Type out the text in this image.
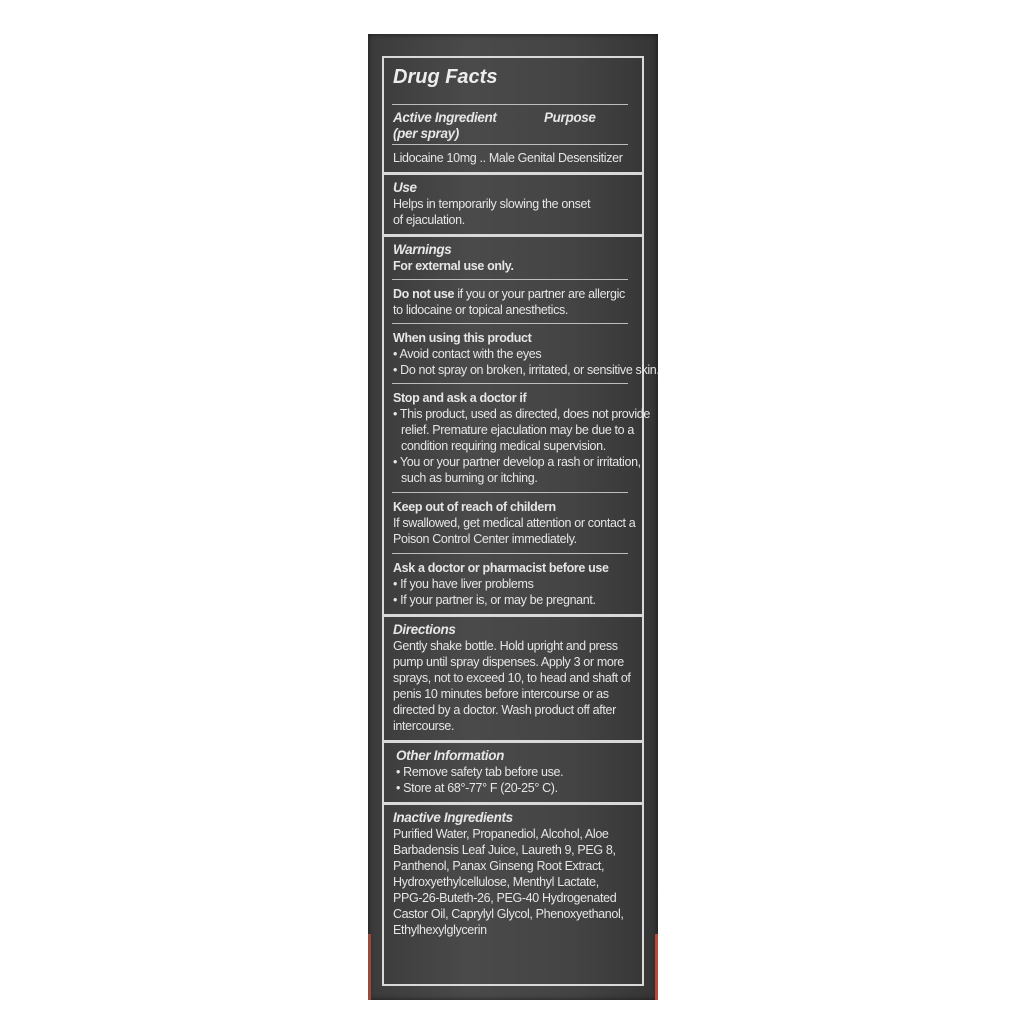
Drug Facts
Active Ingredient	Purpose
(per spray)
Lidocaine 10mg .. Male Genital Desensitizer
Use
Helps in temporarily slowing the onset
of ejaculation.
Warnings
For external use only.
Do not use if you or your partner are allergic
to lidocaine or topical anesthetics.
When using this product
• Avoid contact with the eyes
• Do not spray on broken, irritated, or sensitive skin.
Stop and ask a doctor if
• This product, used as directed, does not provide
relief. Premature ejaculation may be due to a
condition requiring medical supervision.
• You or your partner develop a rash or irritation,
such as burning or itching.
Keep out of reach of childern
If swallowed, get medical attention or contact a
Poison Control Center immediately.
Ask a doctor or pharmacist before use
• If you have liver problems
• If your partner is, or may be pregnant.
Directions
Gently shake bottle. Hold upright and press
pump until spray dispenses. Apply 3 or more
sprays, not to exceed 10, to head and shaft of
penis 10 minutes before intercourse or as
directed by a doctor. Wash product off after
intercourse.
Other Information
• Remove safety tab before use.
• Store at 68°-77° F (20-25° C).
Inactive Ingredients
Purified Water, Propanediol, Alcohol, Aloe
Barbadensis Leaf Juice, Laureth 9, PEG 8,
Panthenol, Panax Ginseng Root Extract,
Hydroxyethylcellulose, Menthyl Lactate,
PPG-26-Buteth-26, PEG-40 Hydrogenated
Castor Oil, Caprylyl Glycol, Phenoxyethanol,
Ethylhexylglycerin
